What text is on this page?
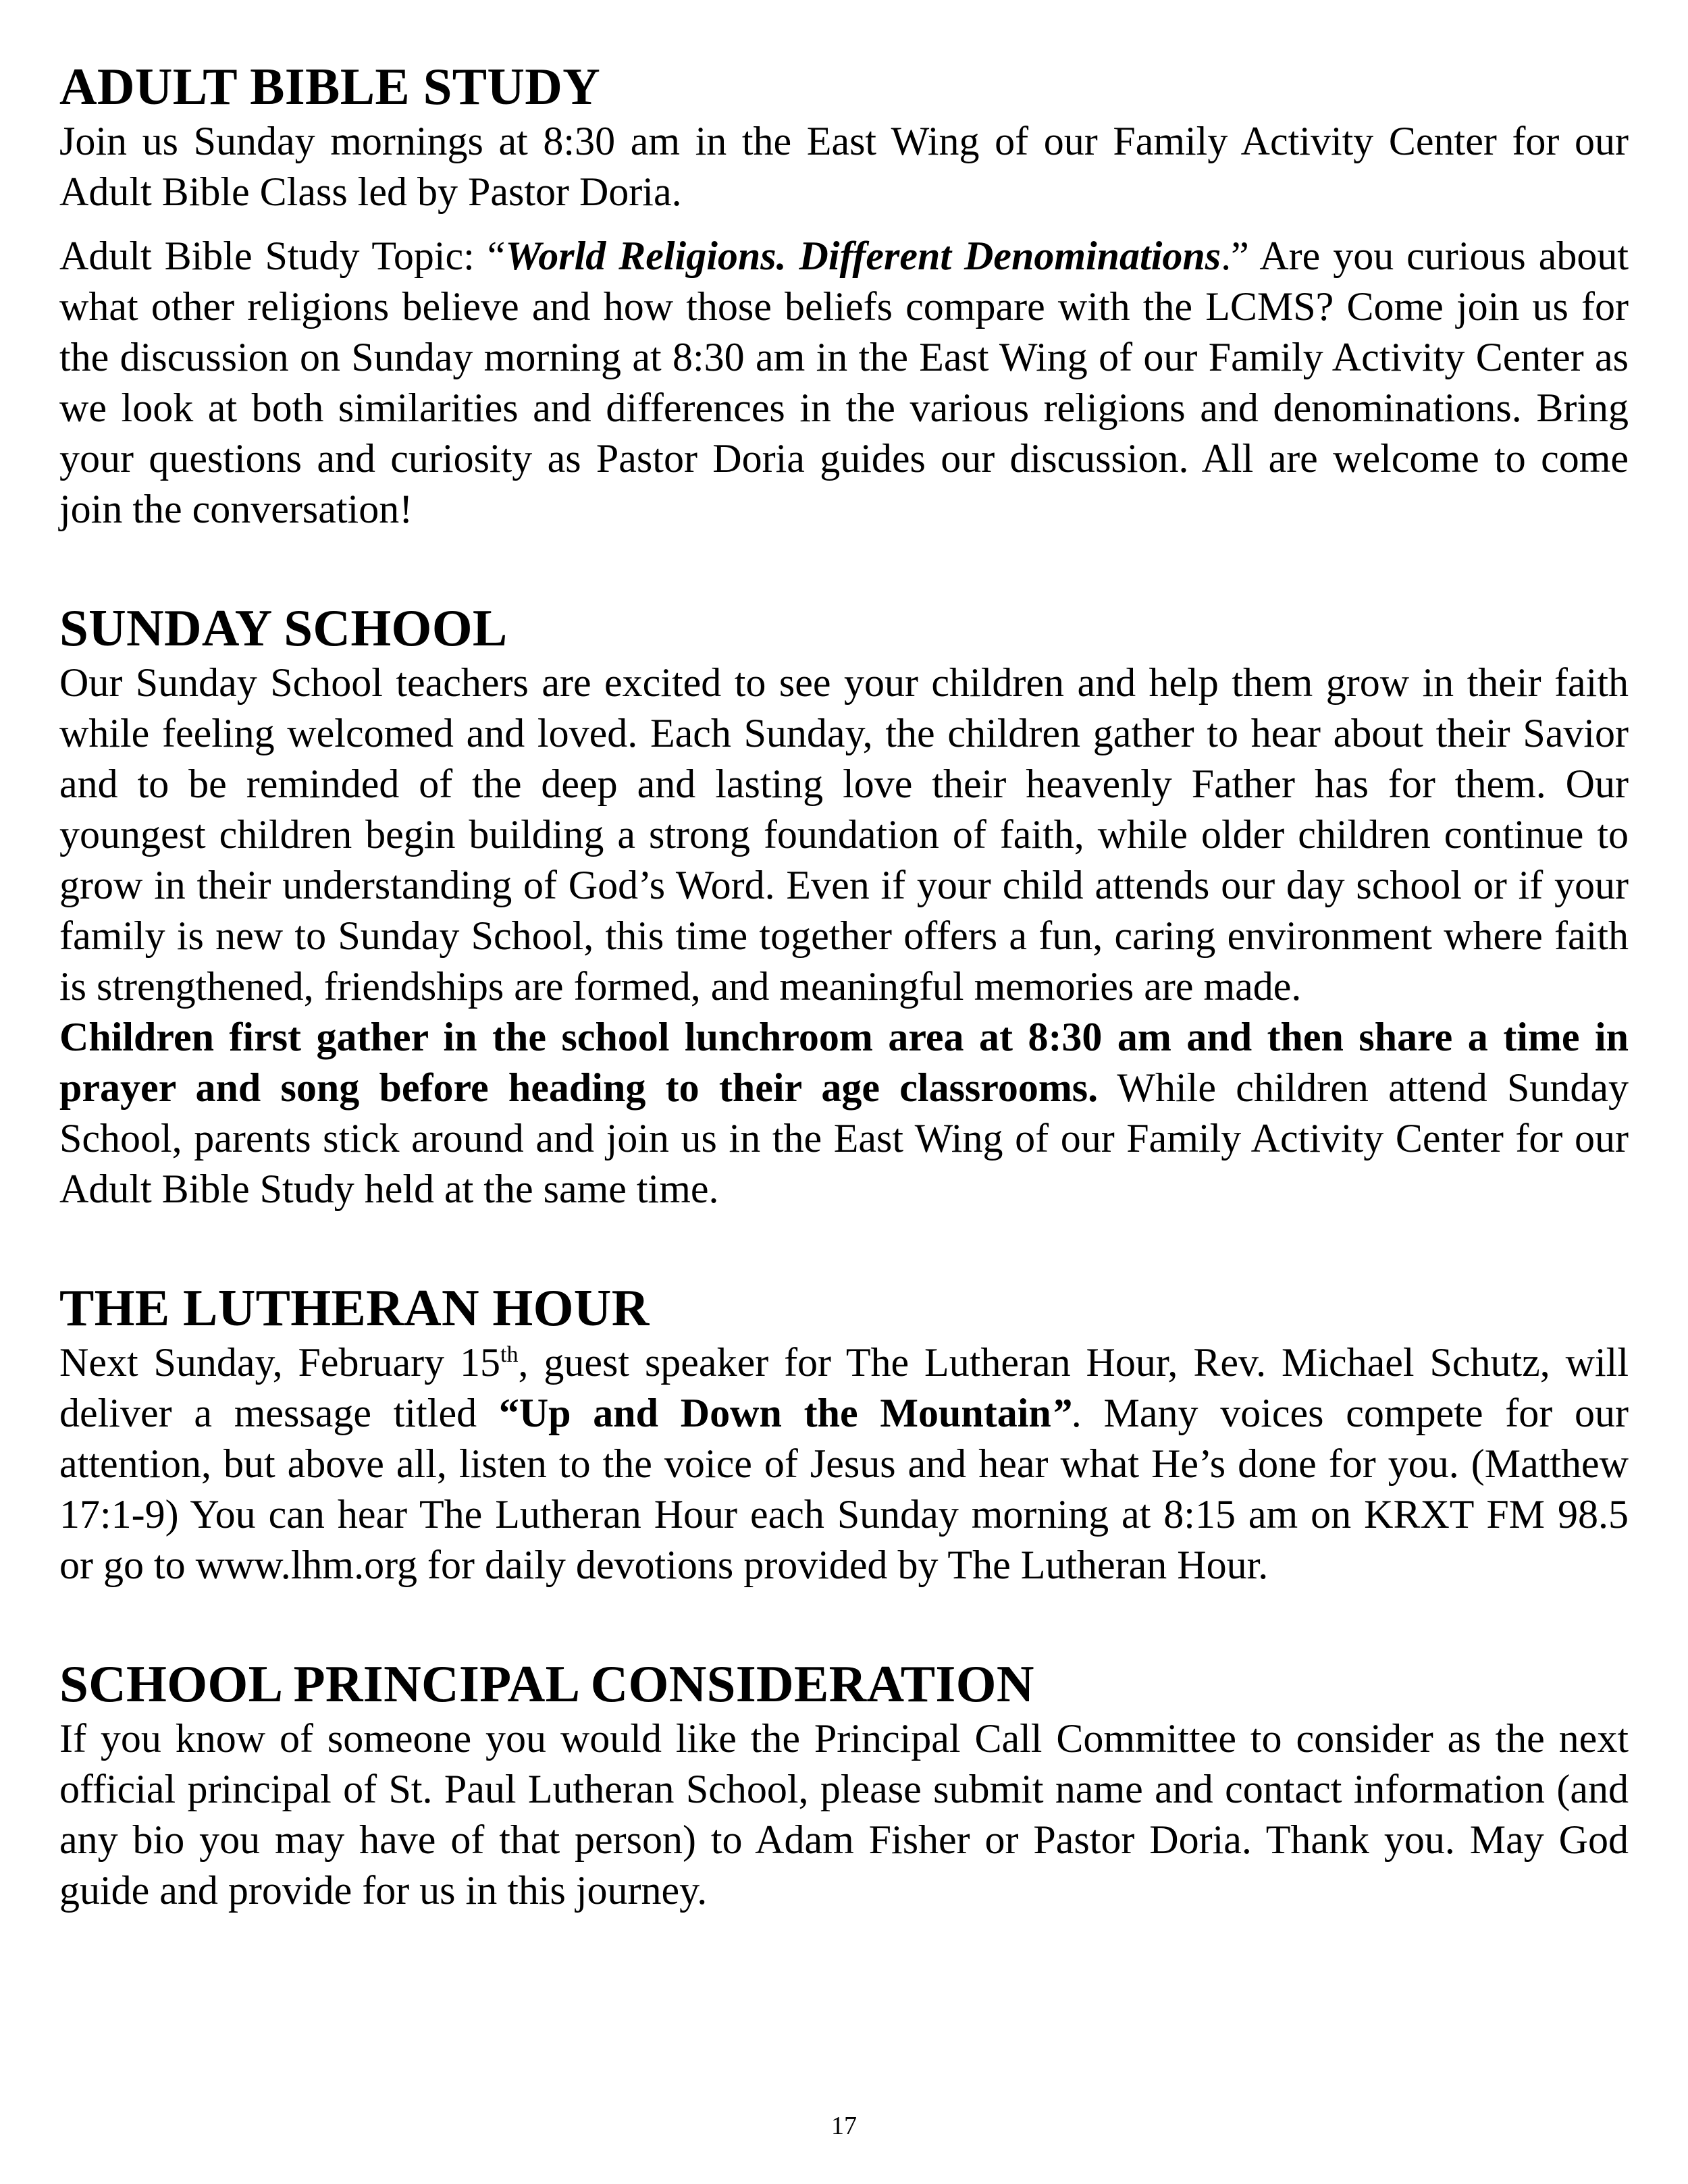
ADULT BIBLE STUDY

Join us Sunday mornings at 8:30 am in the East Wing of our Family Activity Center for our Adult Bible Class led by Pastor Doria.

Adult Bible Study Topic: “World Religions. Different Denominations.” Are you curious about what other religions believe and how those beliefs compare with the LCMS? Come join us for the discussion on Sunday morning at 8:30 am in the East Wing of our Family Activity Center as we look at both similarities and differences in the various religions and denominations. Bring your questions and curiosity as Pastor Doria guides our discussion. All are welcome to come join the conversation!

SUNDAY SCHOOL

Our Sunday School teachers are excited to see your children and help them grow in their faith while feeling welcomed and loved. Each Sunday, the children gather to hear about their Savior and to be reminded of the deep and lasting love their heavenly Father has for them. Our youngest children begin building a strong foundation of faith, while older children continue to grow in their understanding of God’s Word. Even if your child attends our day school or if your family is new to Sunday School, this time together offers a fun, caring environment where faith is strengthened, friendships are formed, and meaningful memories are made.

Children first gather in the school lunchroom area at 8:30 am and then share a time in prayer and song before heading to their age classrooms. While children attend Sunday School, parents stick around and join us in the East Wing of our Family Activity Center for our Adult Bible Study held at the same time.

THE LUTHERAN HOUR

Next Sunday, February 15th, guest speaker for The Lutheran Hour, Rev. Michael Schutz, will deliver a message titled “Up and Down the Mountain”. Many voices compete for our attention, but above all, listen to the voice of Jesus and hear what He’s done for you. (Matthew 17:1-9) You can hear The Lutheran Hour each Sunday morning at 8:15 am on KRXT FM 98.5 or go to www.lhm.org for daily devotions provided by The Lutheran Hour.

SCHOOL PRINCIPAL CONSIDERATION

If you know of someone you would like the Principal Call Committee to consider as the next official principal of St. Paul Lutheran School, please submit name and contact information (and any bio you may have of that person) to Adam Fisher or Pastor Doria. Thank you. May God guide and provide for us in this journey.

17
